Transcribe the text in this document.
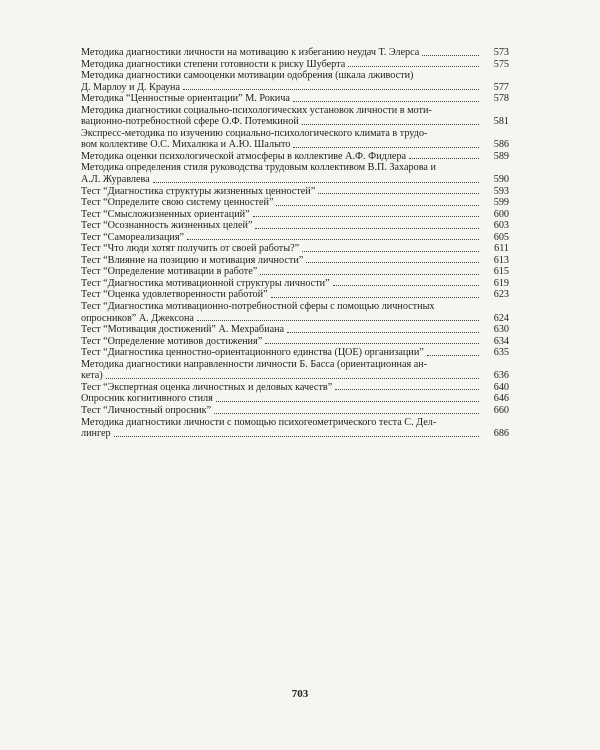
Методика диагностики личности на мотивацию к избеганию неудач Т. Элерса	573
Методика диагностики степени готовности к риску Шуберта	575
Методика диагностики самооценки мотивации одобрения (шкала лживости)
Д. Марлоу и Д. Крауна	577
Методика “Ценностные ориентации” М. Рокича	578
Методика диагностики социально-психологических установок личности в моти-
вационно-потребностной сфере О.Ф. Потемкиной	581
Экспресс-методика по изучению социально-психологического климата в трудо-
вом коллективе О.С. Михалюка и А.Ю. Шалыто	586
Методика оценки психологической атмосферы в коллективе А.Ф. Фидлера	589
Методика определения стиля руководства трудовым коллективом В.П. Захарова и
А.Л. Журавлева	590
Тест “Диагностика структуры жизненных ценностей”	593
Тест “Определите свою систему ценностей”	599
Тест “Смысложизненных ориентаций”	600
Тест “Осознанность жизненных целей”	603
Тест “Самореализация”	605
Тест “Что люди хотят получить от своей работы?”	611
Тест “Влияние на позицию и мотивация личности”	613
Тест “Определение мотивации в работе”	615
Тест “Диагностика мотивационной структуры личности”	619
Тест “Оценка удовлетворенности работой”	623
Тест “Диагностика мотивационно-потребностной сферы с помощью личностных
опросников” А. Джексона	624
Тест “Мотивация достижений” А. Мехрабиана	630
Тест “Определение мотивов достижения”	634
Тест “Диагностика ценностно-ориентационного единства (ЦОЕ) организации”	635
Методика диагностики направленности личности Б. Басса (ориентационная ан-
кета)	636
Тест “Экспертная оценка личностных и деловых качеств”	640
Опросник когнитивного стиля	646
Тест “Личностный опросник”	660
Методика диагностики личности с помощью психогеометрического теста С. Дел-
лингер	686
703
